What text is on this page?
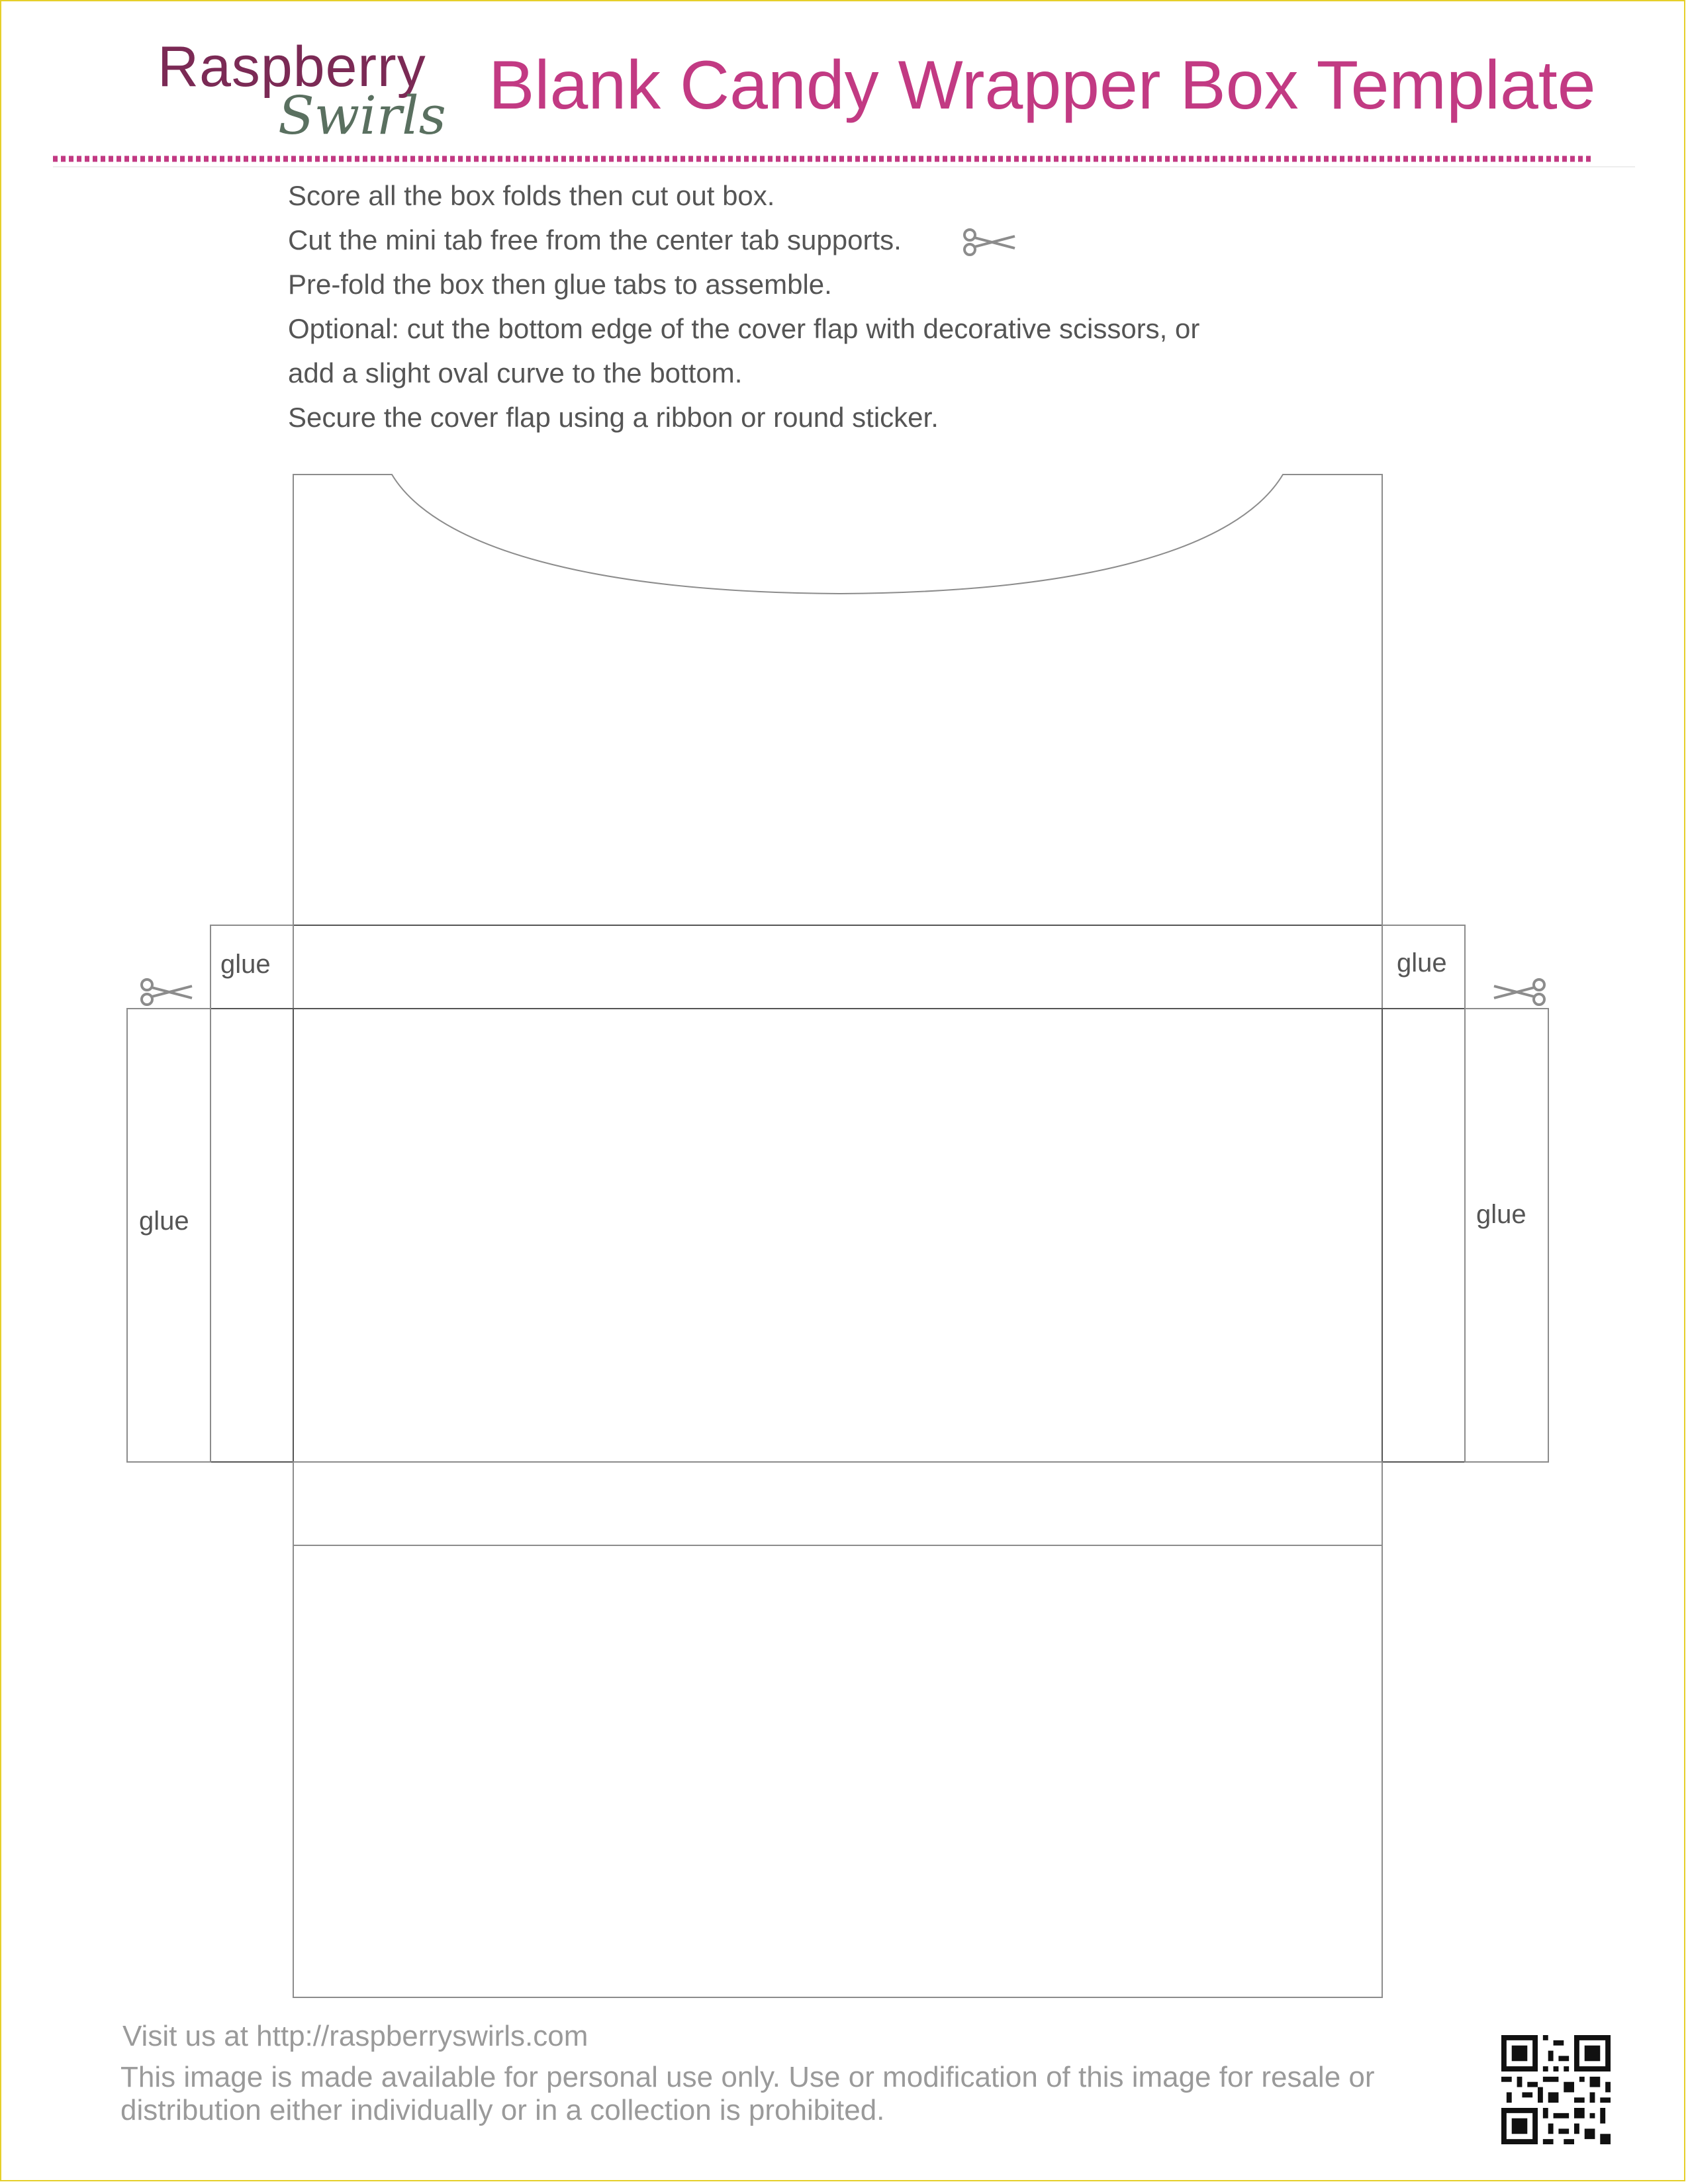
Raspberry
Swirls Blank Candy Wrapper Box Template
Score all the box folds then cut out box.
Cut the mini tab free from the center tab supports.
Pre-fold the box then glue tabs to assemble.
Optional: cut the bottom edge of the cover flap with decorative scissors, or
add a slight oval curve to the bottom.
Secure the cover flap using a ribbon or round sticker.
glue	glue
glue	glue
Visit us at http://raspberryswirls.com
This image is made available for personal use only. Use or modification of this image for resale or distribution either individually or in a collection is prohibited.
